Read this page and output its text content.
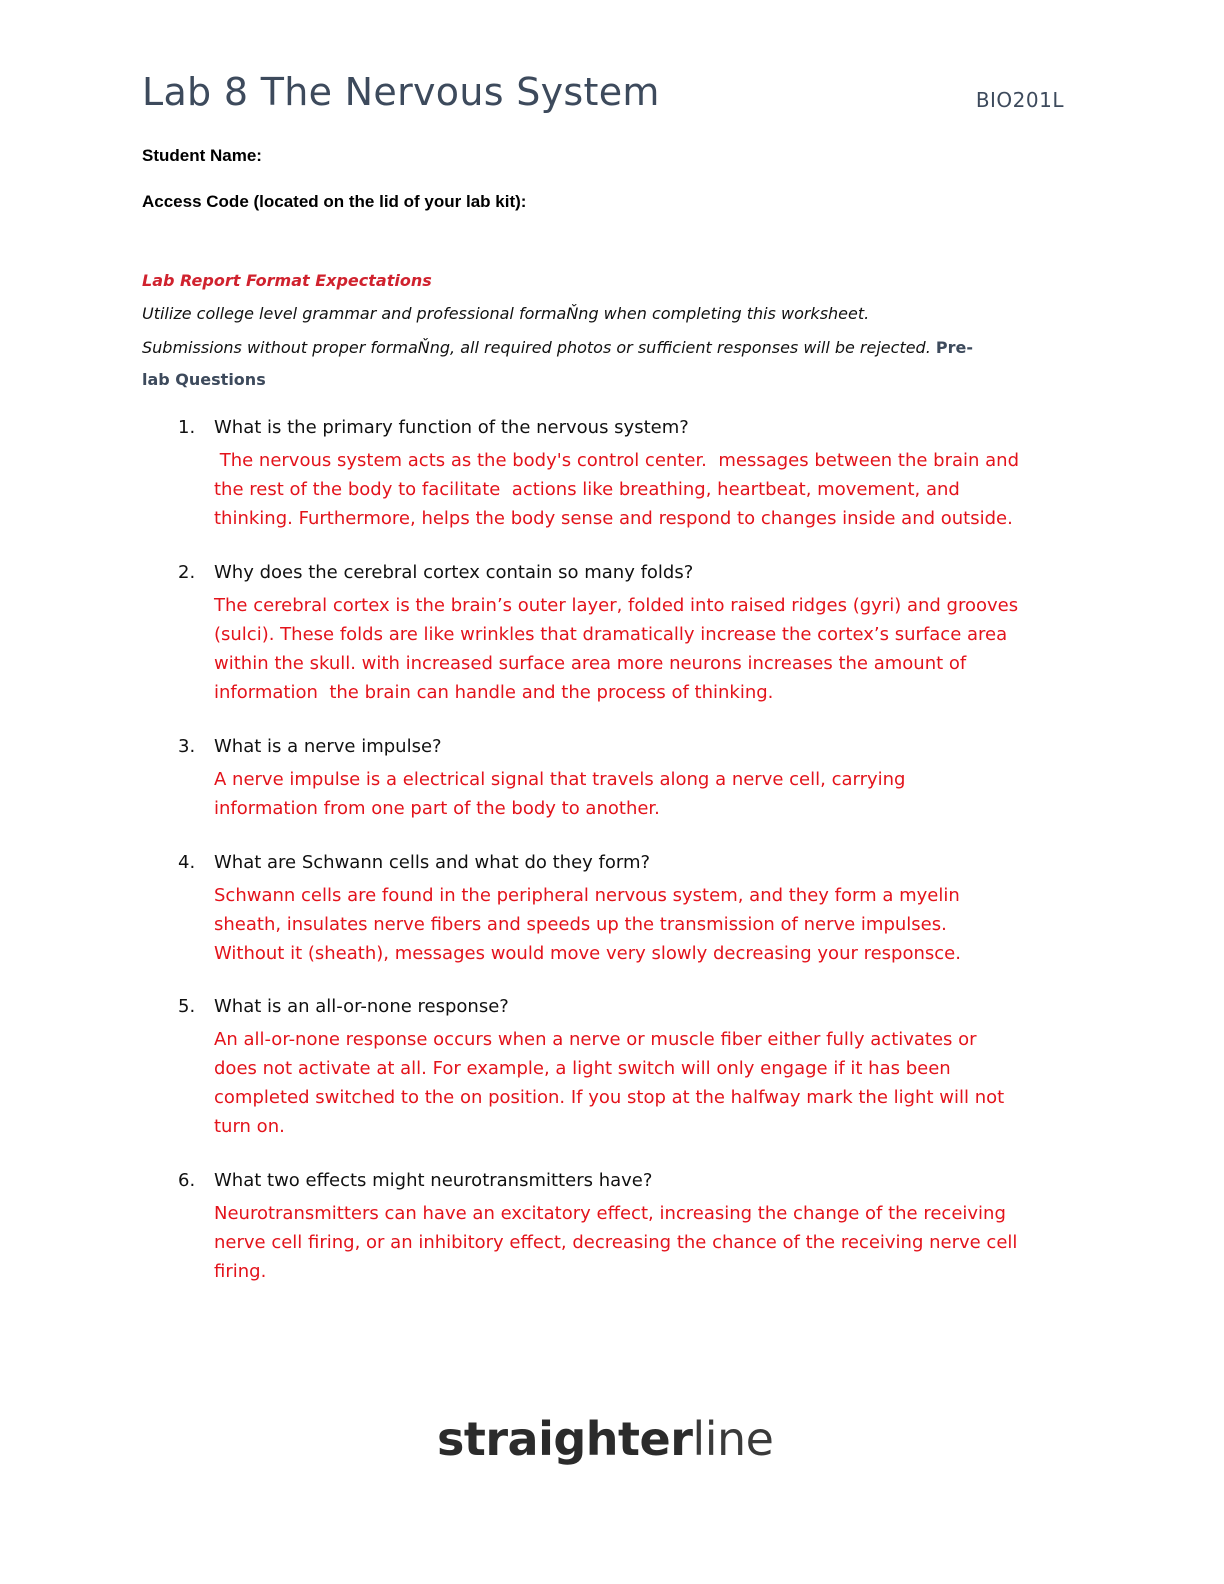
Lab 8 The Nervous System	BIO201L
Student Name:
Access Code (located on the lid of your lab kit):
Lab Report Format Expectations
Utilize college level grammar and professional formaŇng when completing this worksheet.
Submissions without proper formaŇng, all required photos or sufficient responses will be rejected. Pre-
lab Questions
1. What is the primary function of the nervous system?
The nervous system acts as the body's control center.  messages between the brain and
the rest of the body to facilitate  actions like breathing, heartbeat, movement, and
thinking. Furthermore, helps the body sense and respond to changes inside and outside.
2. Why does the cerebral cortex contain so many folds?
The cerebral cortex is the brain’s outer layer, folded into raised ridges (gyri) and grooves
(sulci). These folds are like wrinkles that dramatically increase the cortex’s surface area
within the skull. with increased surface area more neurons increases the amount of
information  the brain can handle and the process of thinking.
3. What is a nerve impulse?
A nerve impulse is a electrical signal that travels along a nerve cell, carrying
information from one part of the body to another.
4. What are Schwann cells and what do they form?
Schwann cells are found in the peripheral nervous system, and they form a myelin
sheath, insulates nerve fibers and speeds up the transmission of nerve impulses.
Without it (sheath), messages would move very slowly decreasing your responsce.
5. What is an all-or-none response?
An all-or-none response occurs when a nerve or muscle fiber either fully activates or
does not activate at all. For example, a light switch will only engage if it has been
completed switched to the on position. If you stop at the halfway mark the light will not
turn on.
6. What two effects might neurotransmitters have?
Neurotransmitters can have an excitatory effect, increasing the change of the receiving
nerve cell firing, or an inhibitory effect, decreasing the chance of the receiving nerve cell
firing.
straighterline
